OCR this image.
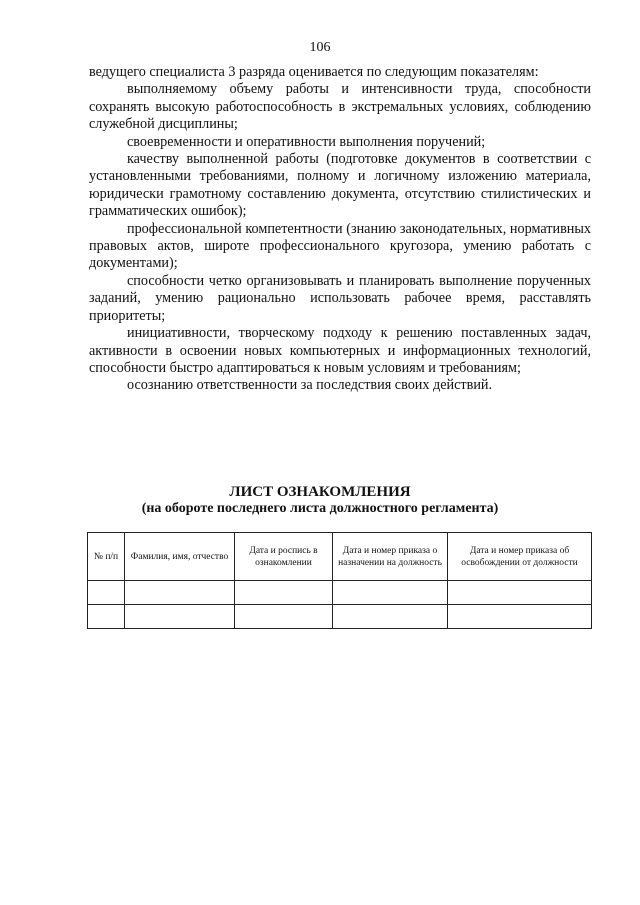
106

ведущего специалиста 3 разряда оценивается по следующим показателям:

выполняемому объему работы и интенсивности труда, способности сохранять высокую работоспособность в экстремальных условиях, соблюдению служебной дисциплины;

своевременности и оперативности выполнения поручений;

качеству выполненной работы (подготовке документов в соответствии с установленными требованиями, полному и логичному изложению материала, юридически грамотному составлению документа, отсутствию стилистических и грамматических ошибок);

профессиональной компетентности (знанию законодательных, нормативных правовых актов, широте профессионального кругозора, умению работать с документами);

способности четко организовывать и планировать выполнение порученных заданий, умению рационально использовать рабочее время, расставлять приоритеты;

инициативности, творческому подходу к решению поставленных задач, активности в освоении новых компьютерных и информационных технологий, способности быстро адаптироваться к новым условиям и требованиям;

осознанию ответственности за последствия своих действий.

ЛИСТ ОЗНАКОМЛЕНИЯ
(на обороте последнего листа должностного регламента)
№ п/п	Фамилия, имя, отчество	Дата и роспись в ознакомлении	Дата и номер приказа о назначении на должность	Дата и номер приказа об освобождении от должности
